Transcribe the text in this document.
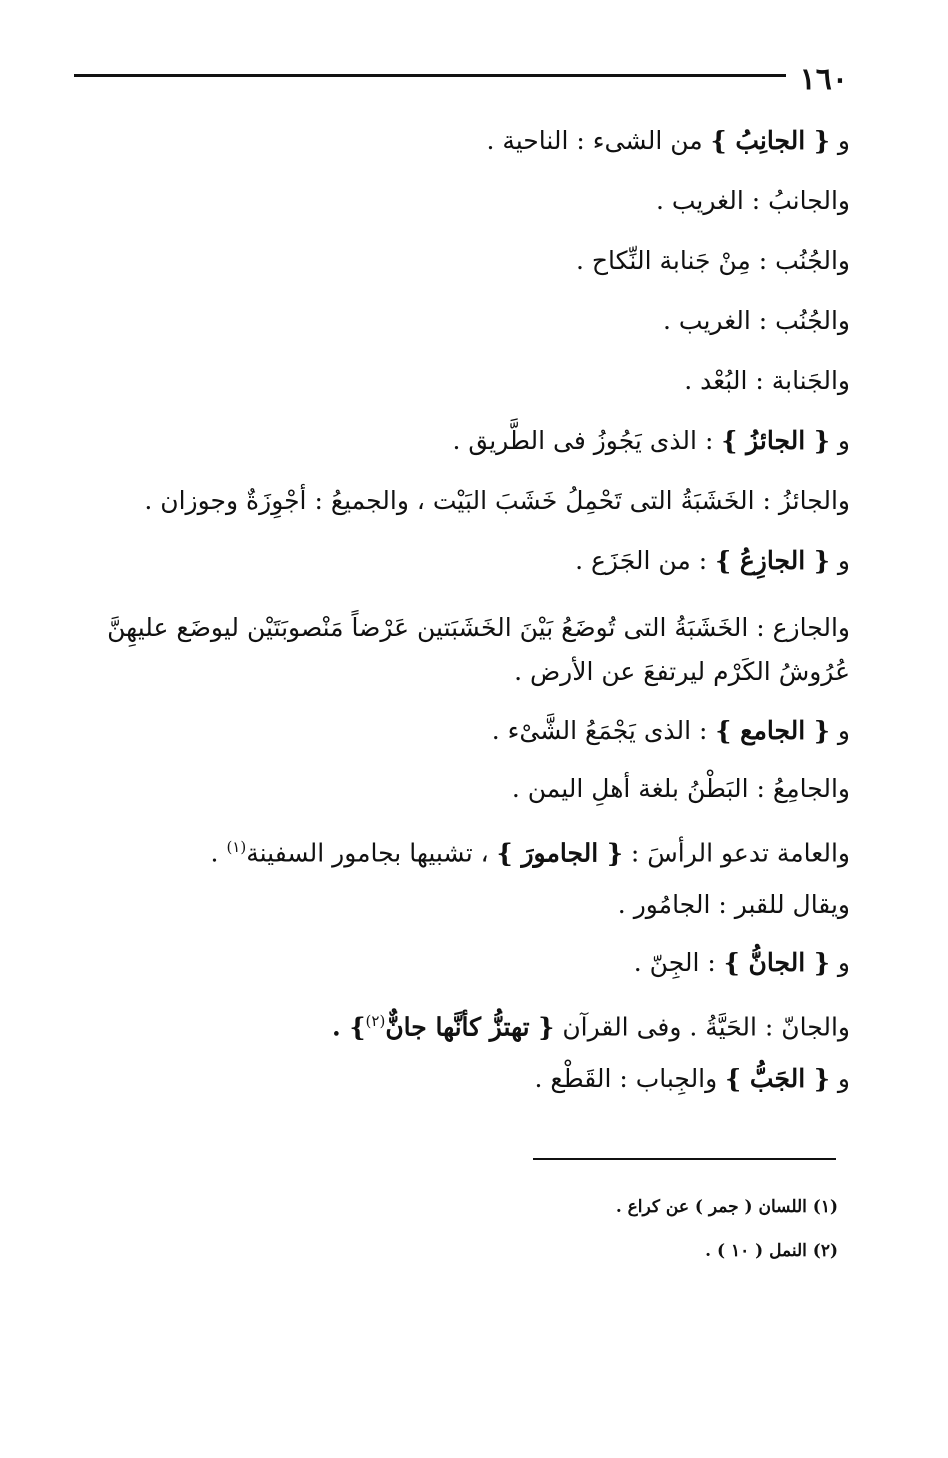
١٦٠
و { الجانِبُ } من الشىء : الناحية .
والجانبُ : الغريب .
والجُنُب : مِنْ جَنابة النِّكاح .
والجُنُب : الغريب .
والجَنابة : البُعْد .
و { الجائزُ } : الذى يَجُوزُ فى الطَّريق .
والجائزُ : الخَشَبَةُ التى تَحْمِلُ خَشَبَ البَيْت ، والجميعُ : أجْوِزَةٌ وجوزان .
و { الجازِعُ } : من الجَزَع .
والجازع : الخَشَبَةُ التى تُوضَعُ بَيْنَ الخَشَبَتين عَرْضاً مَنْصوبَتَيْن ليوضَع عليهِنَّ عُرُوشُ الكَرْم ليرتفعَ عن الأرض .
و { الجامع } : الذى يَجْمَعُ الشَّىْء .
والجامِعُ : البَطْنُ بلغة أهلِ اليمن .
والعامة تدعو الرأسَ : { الجامورَ } ، تشبيها بجامور السفينة$^{(١)}$ .
ويقال للقبر : الجامُور .
و { الجانُّ } : الجِنّ .
والجانّ : الحَيَّةُ . وفى القرآن { تهتزُّ كأنَّها جانٌّ$^{(٢)}$} .
و { الجَبُّ } والجِباب : القَطْع .
(١) اللسان ( جمر ) عن كراع .
(٢) النمل ( ١٠ ) .
